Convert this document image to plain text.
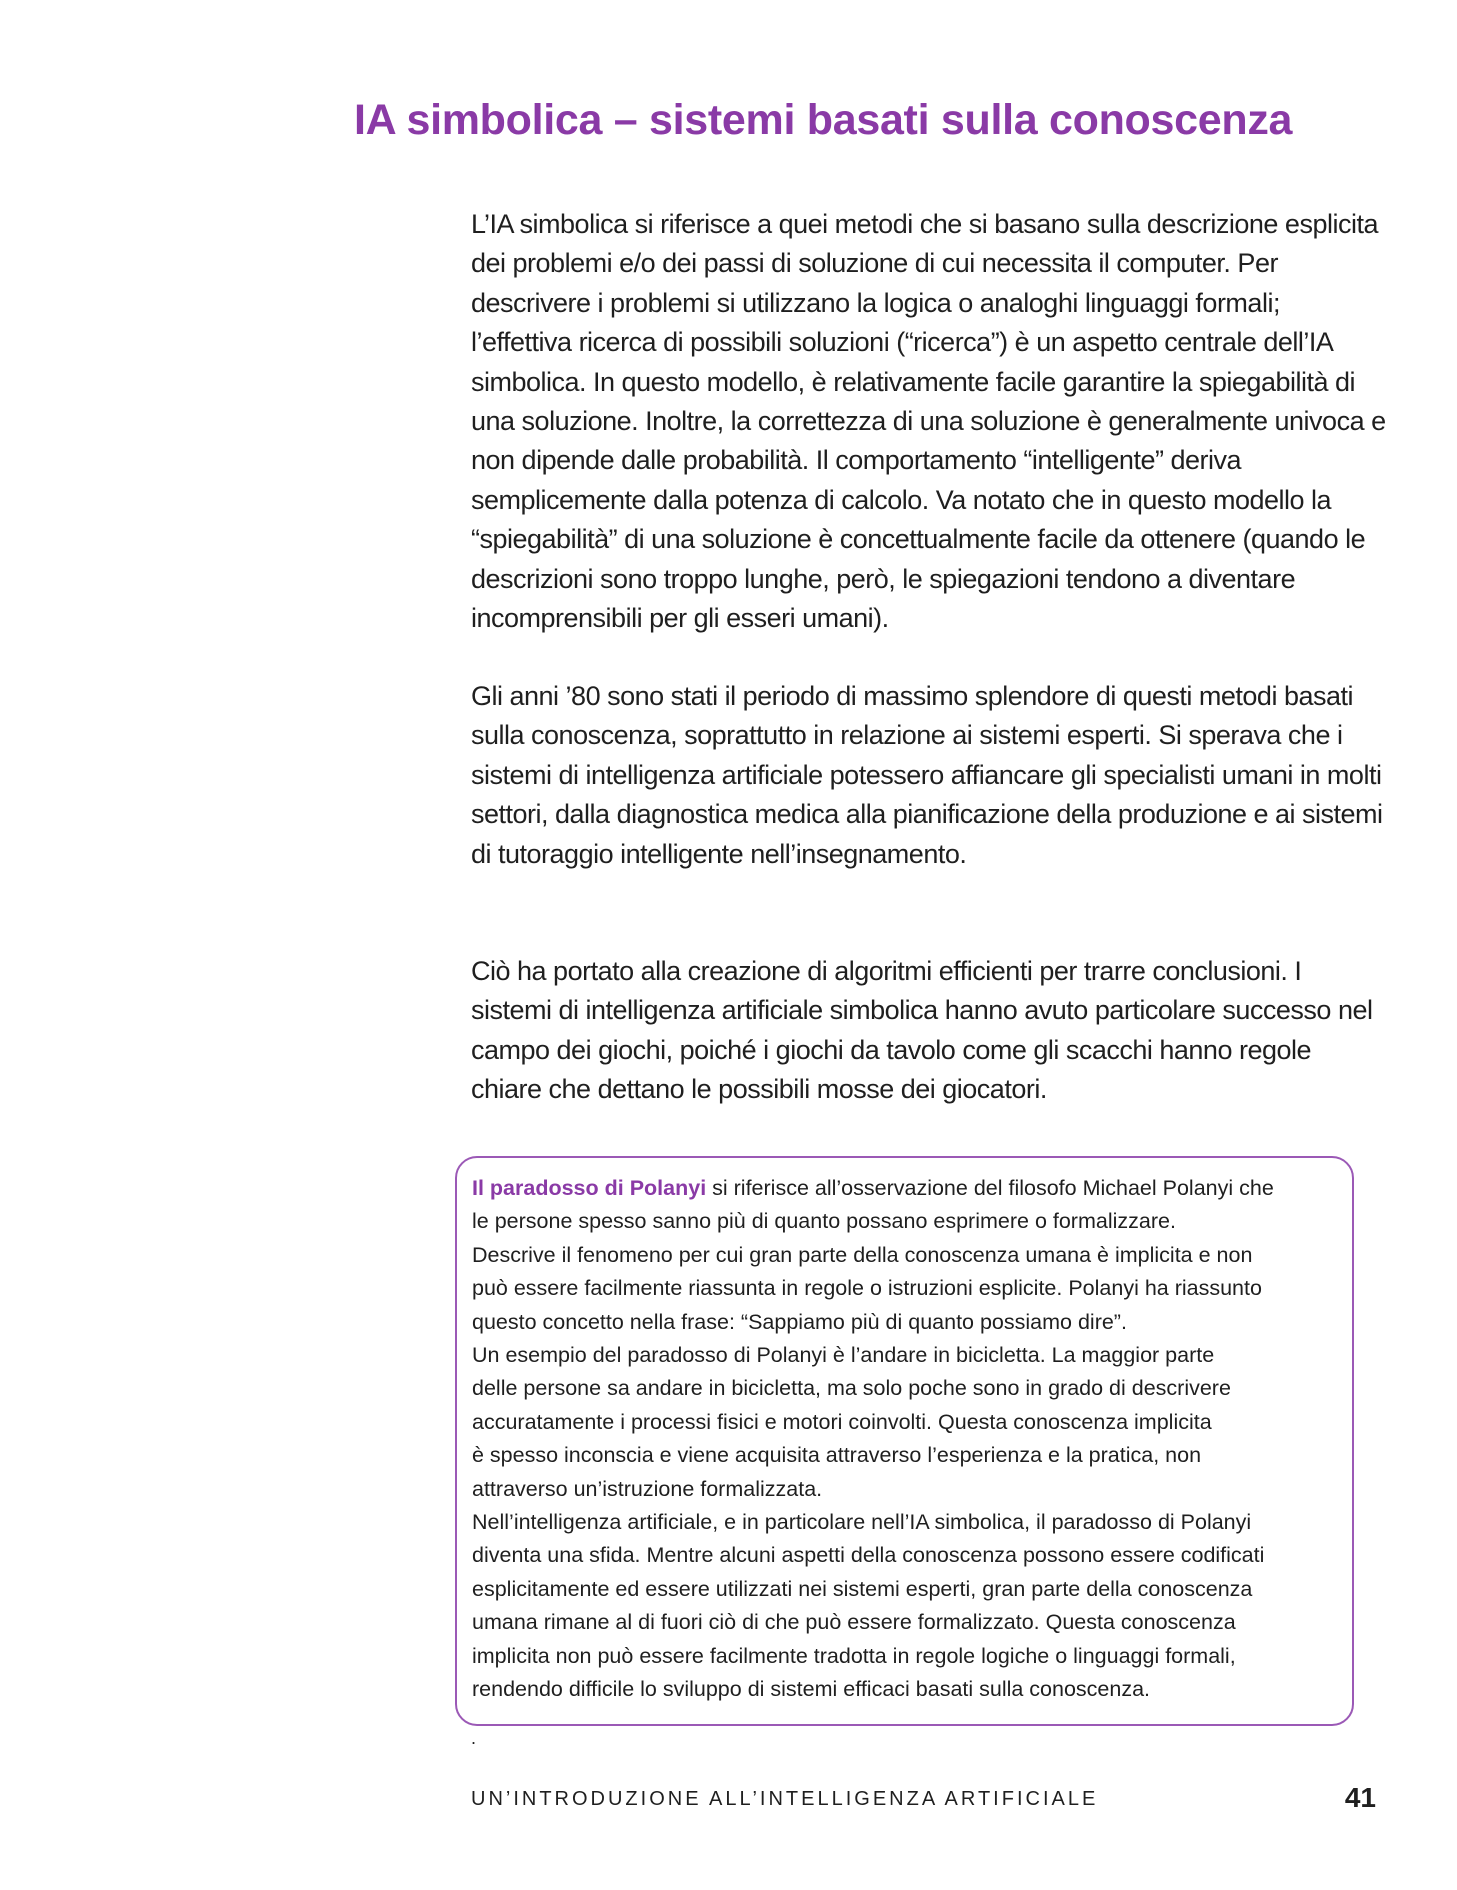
IA simbolica – sistemi basati sulla conoscenza

L’IA simbolica si riferisce a quei metodi che si basano sulla descrizione esplicita dei problemi e/o dei passi di soluzione di cui necessita il computer. Per descrivere i problemi si utilizzano la logica o analoghi linguaggi formali; l’effettiva ricerca di possibili soluzioni (“ricerca”) è un aspetto centrale dell’IA simbolica. In questo modello, è relativamente facile garantire la spiegabilità di una soluzione. Inoltre, la correttezza di una soluzione è generalmente univoca e non dipende dalle probabilità. Il comportamento “intelligente” deriva semplicemente dalla potenza di calcolo. Va notato che in questo modello la “spiegabilità” di una soluzione è concettualmente facile da ottenere (quando le descrizioni sono troppo lunghe, però, le spiegazioni tendono a diventare incomprensibili per gli esseri umani).

Gli anni ’80 sono stati il periodo di massimo splendore di questi metodi basati sulla conoscenza, soprattutto in relazione ai sistemi esperti. Si sperava che i sistemi di intelligenza artificiale potessero affiancare gli specialisti umani in molti settori, dalla diagnostica medica alla pianificazione della produzione e ai sistemi di tutoraggio intelligente nell’insegnamento.

Ciò ha portato alla creazione di algoritmi efficienti per trarre conclusioni. I sistemi di intelligenza artificiale simbolica hanno avuto particolare successo nel campo dei giochi, poiché i giochi da tavolo come gli scacchi hanno regole chiare che dettano le possibili mosse dei giocatori.

Il paradosso di Polanyi si riferisce all’osservazione del filosofo Michael Polanyi che
le persone spesso sanno più di quanto possano esprimere o formalizzare.
Descrive il fenomeno per cui gran parte della conoscenza umana è implicita e non
può essere facilmente riassunta in regole o istruzioni esplicite. Polanyi ha riassunto
questo concetto nella frase: “Sappiamo più di quanto possiamo dire”.
Un esempio del paradosso di Polanyi è l’andare in bicicletta. La maggior parte
delle persone sa andare in bicicletta, ma solo poche sono in grado di descrivere
accuratamente i processi fisici e motori coinvolti. Questa conoscenza implicita
è spesso inconscia e viene acquisita attraverso l’esperienza e la pratica, non
attraverso un’istruzione formalizzata.
Nell’intelligenza artificiale, e in particolare nell’IA simbolica, il paradosso di Polanyi
diventa una sfida. Mentre alcuni aspetti della conoscenza possono essere codificati
esplicitamente ed essere utilizzati nei sistemi esperti, gran parte della conoscenza
umana rimane al di fuori ciò di che può essere formalizzato. Questa conoscenza
implicita non può essere facilmente tradotta in regole logiche o linguaggi formali,
rendendo difficile lo sviluppo di sistemi efficaci basati sulla conoscenza.

.

UN’INTRODUZIONE ALL’INTELLIGENZA ARTIFICIALE	41
